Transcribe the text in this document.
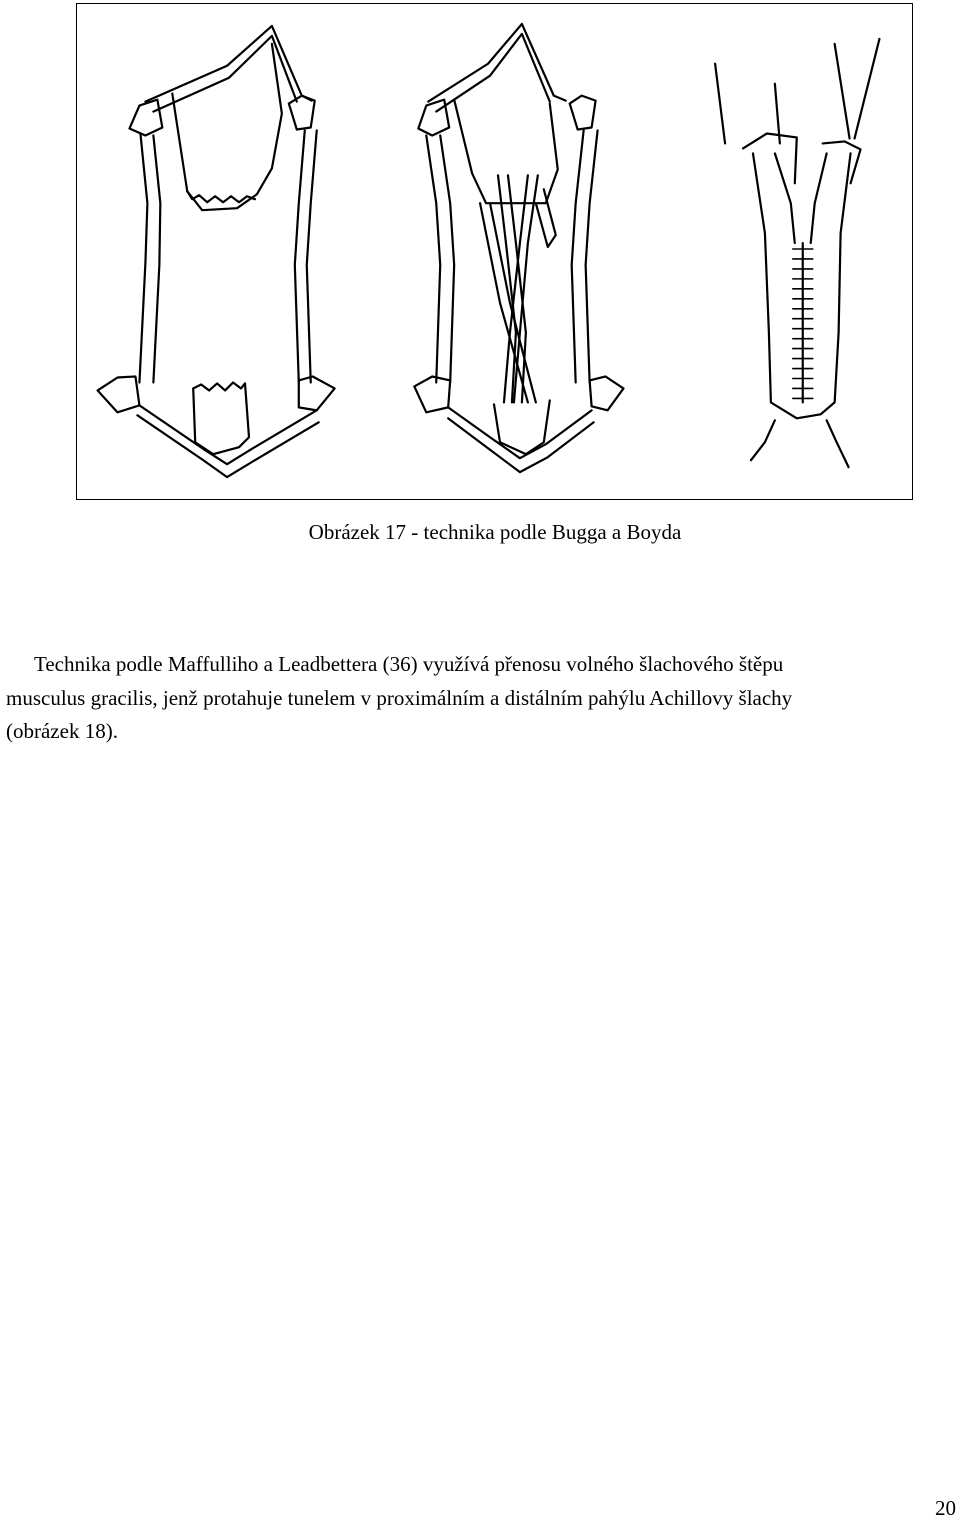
Obrázek 17 - technika podle Bugga a Boyda
Technika podle Maffulliho a Leadbettera (36) využívá přenosu volného šlachového štěpu
musculus gracilis, jenž protahuje tunelem v proximálním a distálním pahýlu Achillovy šlachy
(obrázek 18).
20
